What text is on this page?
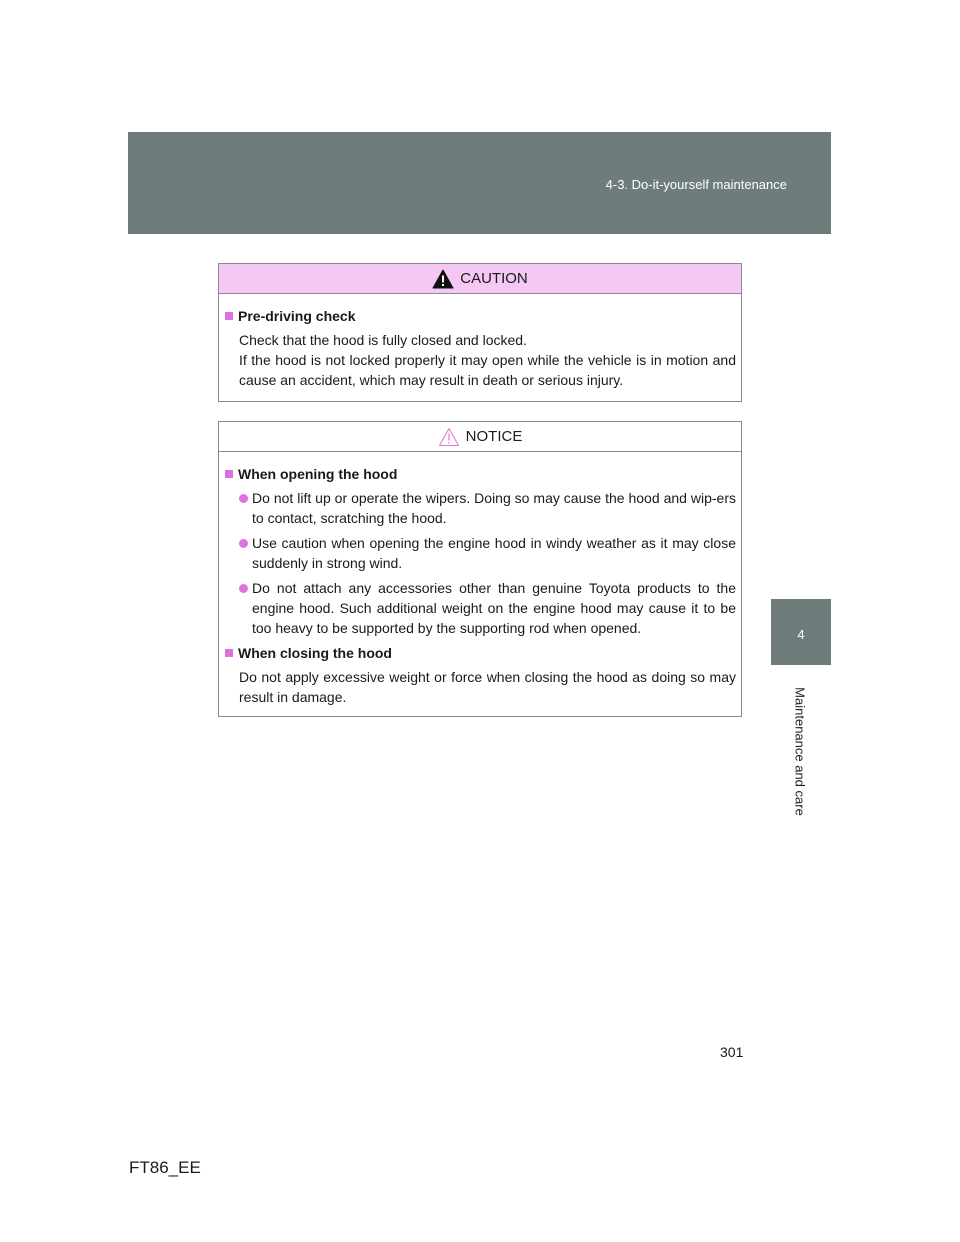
4-3. Do-it-yourself maintenance
4
Maintenance and care
CAUTION
Pre-driving check
Check that the hood is fully closed and locked.
If the hood is not locked properly it may open while the vehicle is in motion and cause an accident, which may result in death or serious injury.
NOTICE
When opening the hood
Do not lift up or operate the wipers. Doing so may cause the hood and wip-ers to contact, scratching the hood.
Use caution when opening the engine hood in windy weather as it may close suddenly in strong wind.
Do not attach any accessories other than genuine Toyota products to the engine hood. Such additional weight on the engine hood may cause it to be too heavy to be supported by the supporting rod when opened.
When closing the hood
Do not apply excessive weight or force when closing the hood as doing so may result in damage.
301
FT86_EE
